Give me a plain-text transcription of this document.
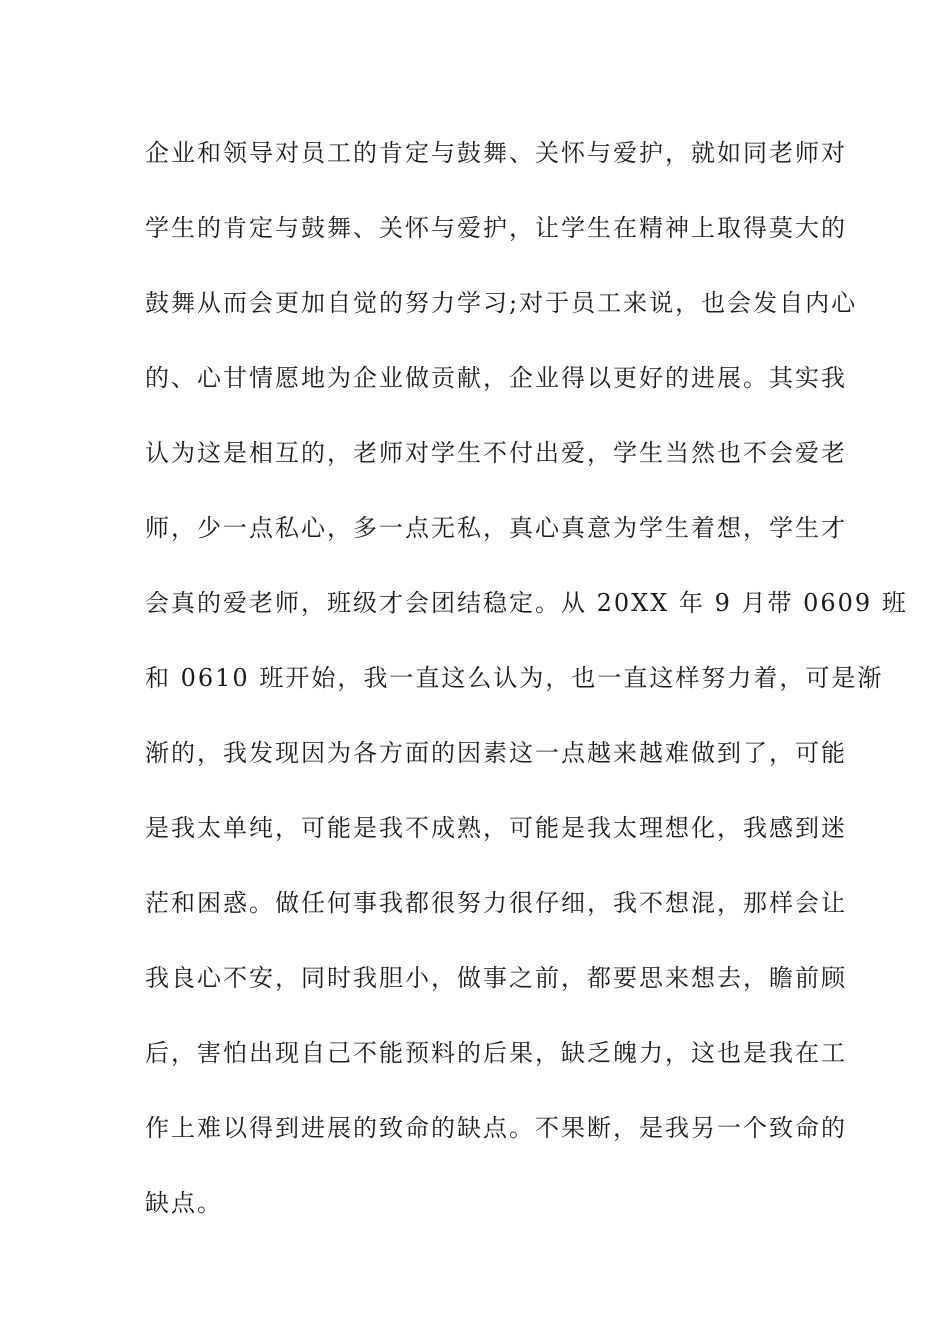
企业和领导对员工的肯定与鼓舞、关怀与爱护，就如同老师对
学生的肯定与鼓舞、关怀与爱护，让学生在精神上取得莫大的
鼓舞从而会更加自觉的努力学习;对于员工来说，也会发自内心
的、心甘情愿地为企业做贡献，企业得以更好的进展。其实我
认为这是相互的，老师对学生不付出爱，学生当然也不会爱老
师，少一点私心，多一点无私，真心真意为学生着想，学生才
会真的爱老师，班级才会团结稳定。从 20XX 年 9 月带 0609 班
和 0610 班开始，我一直这么认为，也一直这样努力着，可是渐
渐的，我发现因为各方面的因素这一点越来越难做到了，可能
是我太单纯，可能是我不成熟，可能是我太理想化，我感到迷
茫和困惑。做任何事我都很努力很仔细，我不想混，那样会让
我良心不安，同时我胆小，做事之前，都要思来想去，瞻前顾
后，害怕出现自己不能预料的后果，缺乏魄力，这也是我在工
作上难以得到进展的致命的缺点。不果断，是我另一个致命的
缺点。
